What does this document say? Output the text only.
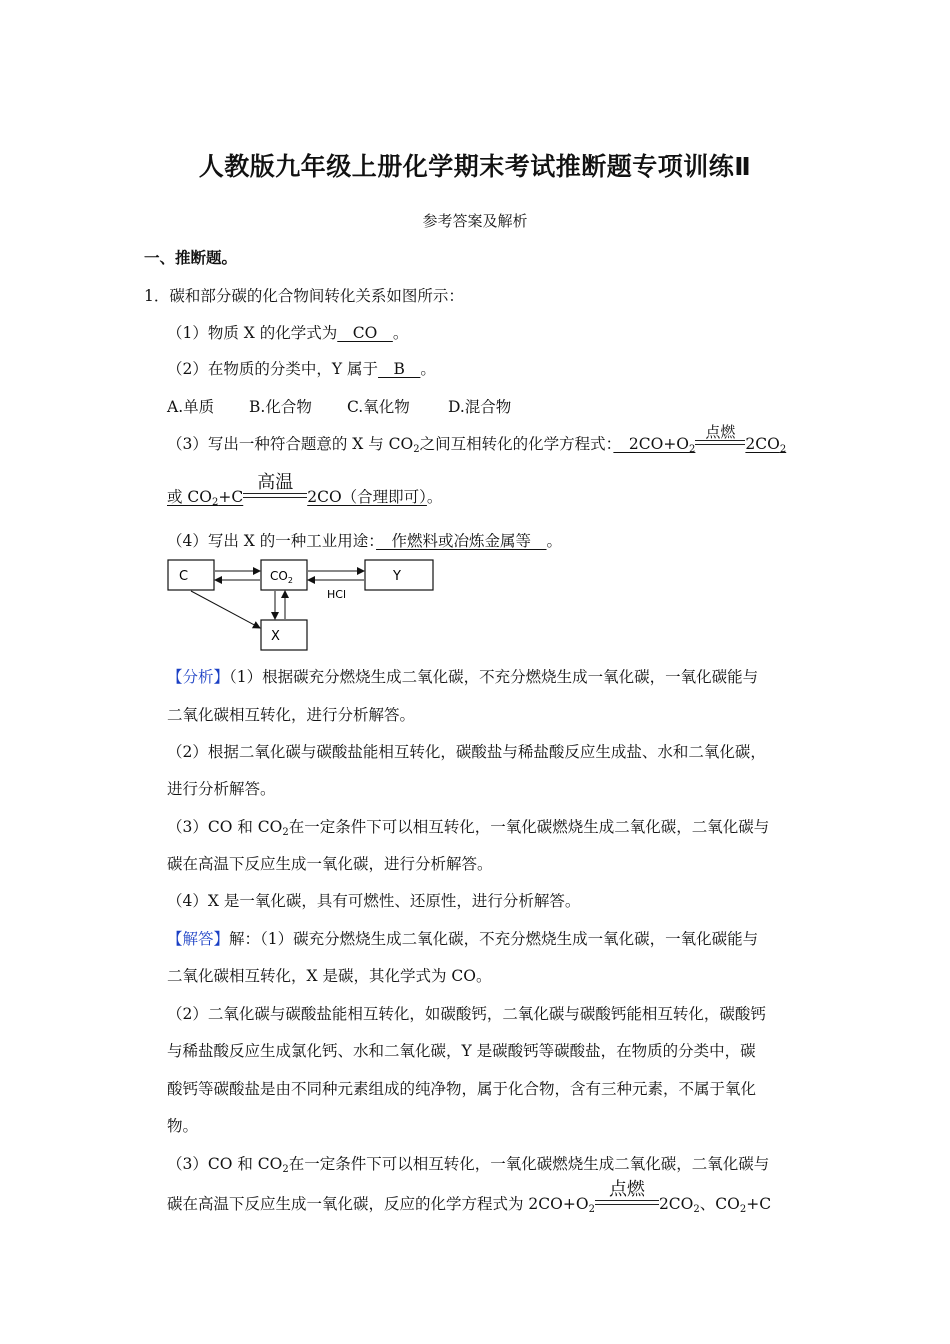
人教版九年级上册化学期末考试推断题专项训练Ⅱ
参考答案及解析
一、推断题。
1．碳和部分碳的化合物间转化关系如图所示：
（1）物质 X 的化学式为　CO　。
（2）在物质的分类中，Y 属于　B　。
A.单质 B.化合物 C.氧化物 D.混合物
（3）写出一种符合题意的 X 与 $CO_2$之间互相转化的化学方程式：　$2CO+O_2$
点燃
$2CO_2$
或 $CO_2+C$
高温
2CO（合理即可）。
（4）写出 X 的一种工业用途：　作燃料或冶炼金属等　。
C	$CO_2$	Y
X
HCl
【分析】（1）根据碳充分燃烧生成二氧化碳，不充分燃烧生成一氧化碳，一氧化碳能与
二氧化碳相互转化，进行分析解答。
（2）根据二氧化碳与碳酸盐能相互转化，碳酸盐与稀盐酸反应生成盐、水和二氧化碳，
进行分析解答。
（3）CO 和 $CO_2$在一定条件下可以相互转化，一氧化碳燃烧生成二氧化碳，二氧化碳与
碳在高温下反应生成一氧化碳，进行分析解答。
（4）X 是一氧化碳，具有可燃性、还原性，进行分析解答。
【解答】解：（1）碳充分燃烧生成二氧化碳，不充分燃烧生成一氧化碳，一氧化碳能与
二氧化碳相互转化，X 是碳，其化学式为 CO。
（2）二氧化碳与碳酸盐能相互转化，如碳酸钙，二氧化碳与碳酸钙能相互转化，碳酸钙
与稀盐酸反应生成氯化钙、水和二氧化碳，Y 是碳酸钙等碳酸盐，在物质的分类中，碳
酸钙等碳酸盐是由不同种元素组成的纯净物，属于化合物，含有三种元素，不属于氧化
物。
（3）CO 和 $CO_2$在一定条件下可以相互转化，一氧化碳燃烧生成二氧化碳，二氧化碳与
碳在高温下反应生成一氧化碳，反应的化学方程式为 $2CO+O_2$
点燃
$2CO_2$、$CO_2+C$
